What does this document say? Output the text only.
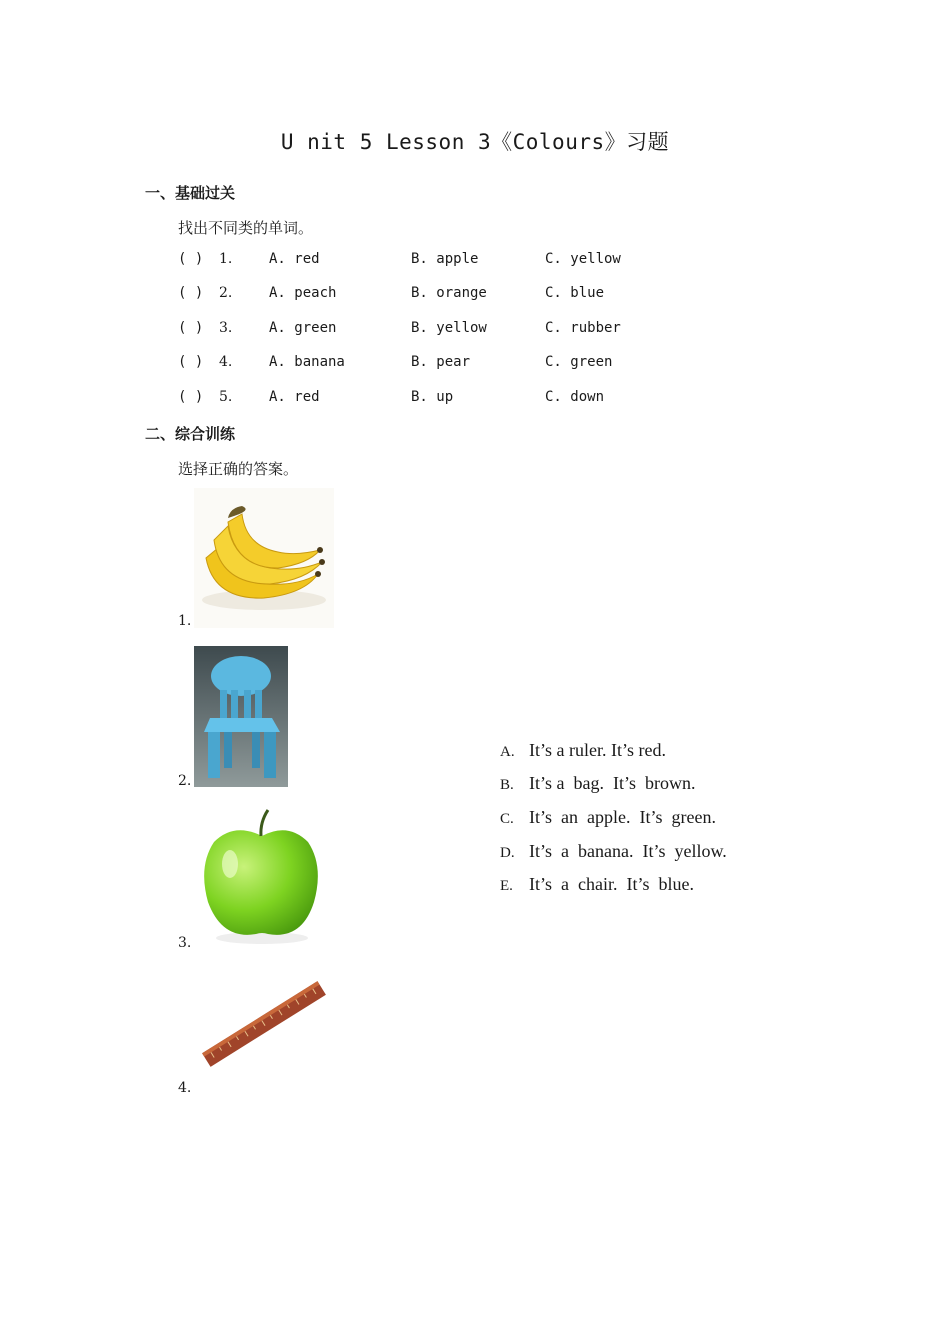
U nit 5 Lesson 3《Colours》习题
一、基础过关
找出不同类的单词。
( ) 1.	A. red	B. apple	C. yellow
( ) 2.	A. peach	B. orange	C. blue
( ) 3.	A. green	B. yellow	C. rubber
( ) 4.	A. banana	B. pear	C. green
( ) 5.	A. red	B. up	C. down
二、综合训练
选择正确的答案。
1.
2.
3.
4.
A. It’s a ruler. It’s red.
B. It’s a  bag.  It’s  brown.
C. It’s  an  apple.  It’s  green.
D. It’s  a  banana.  It’s  yellow.
E. It’s  a  chair.  It’s  blue.
